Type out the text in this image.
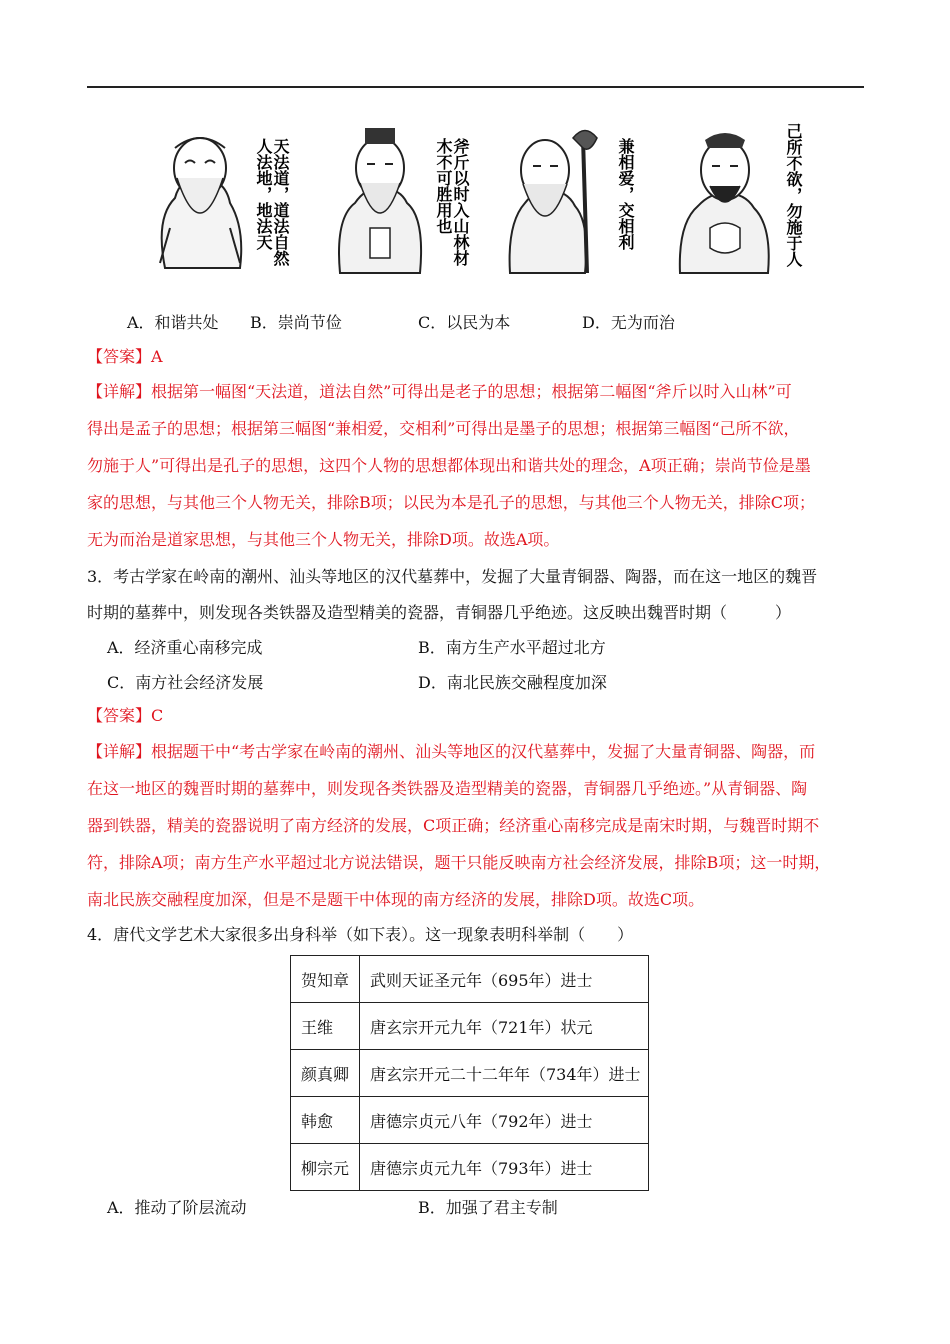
天法道，道法自然人法地，地法天	斧斤以时入山林材木不可胜用也	兼相爱，交相利	己所不欲，勿施于人
A．和谐共处 B．崇尚节俭	C．以民为本	D．无为而治
【答案】A
【详解】根据第一幅图“天法道，道法自然”可得出是老子的思想；根据第二幅图“斧斤以时入山林”可
得出是孟子的思想；根据第三幅图“兼相爱，交相利”可得出是墨子的思想；根据第三幅图“己所不欲，
勿施于人”可得出是孔子的思想，这四个人物的思想都体现出和谐共处的理念，A项正确；崇尚节俭是墨
家的思想，与其他三个人物无关，排除B项；以民为本是孔子的思想，与其他三个人物无关，排除C项；
无为而治是道家思想，与其他三个人物无关，排除D项。故选A项。
3．考古学家在岭南的潮州、汕头等地区的汉代墓葬中，发掘了大量青铜器、陶器，而在这一地区的魏晋
时期的墓葬中，则发现各类铁器及造型精美的瓷器，青铜器几乎绝迹。这反映出魏晋时期（　　　）
A．经济重心南移完成	B．南方生产水平超过北方
C．南方社会经济发展	D．南北民族交融程度加深
【答案】C
【详解】根据题干中“考古学家在岭南的潮州、汕头等地区的汉代墓葬中，发掘了大量青铜器、陶器，而
在这一地区的魏晋时期的墓葬中，则发现各类铁器及造型精美的瓷器，青铜器几乎绝迹。”从青铜器、陶
器到铁器，精美的瓷器说明了南方经济的发展，C项正确；经济重心南移完成是南宋时期，与魏晋时期不
符，排除A项；南方生产水平超过北方说法错误，题干只能反映南方社会经济发展，排除B项；这一时期，
南北民族交融程度加深，但是不是题干中体现的南方经济的发展，排除D项。故选C项。
4．唐代文学艺术大家很多出身科举（如下表）。这一现象表明科举制（　　）
贺知章	武则天证圣元年（695年）进士
王维	唐玄宗开元九年（721年）状元
颜真卿	唐玄宗开元二十二年年（734年）进士
韩愈	唐德宗贞元八年（792年）进士
柳宗元	唐德宗贞元九年（793年）进士
A．推动了阶层流动	B．加强了君主专制
